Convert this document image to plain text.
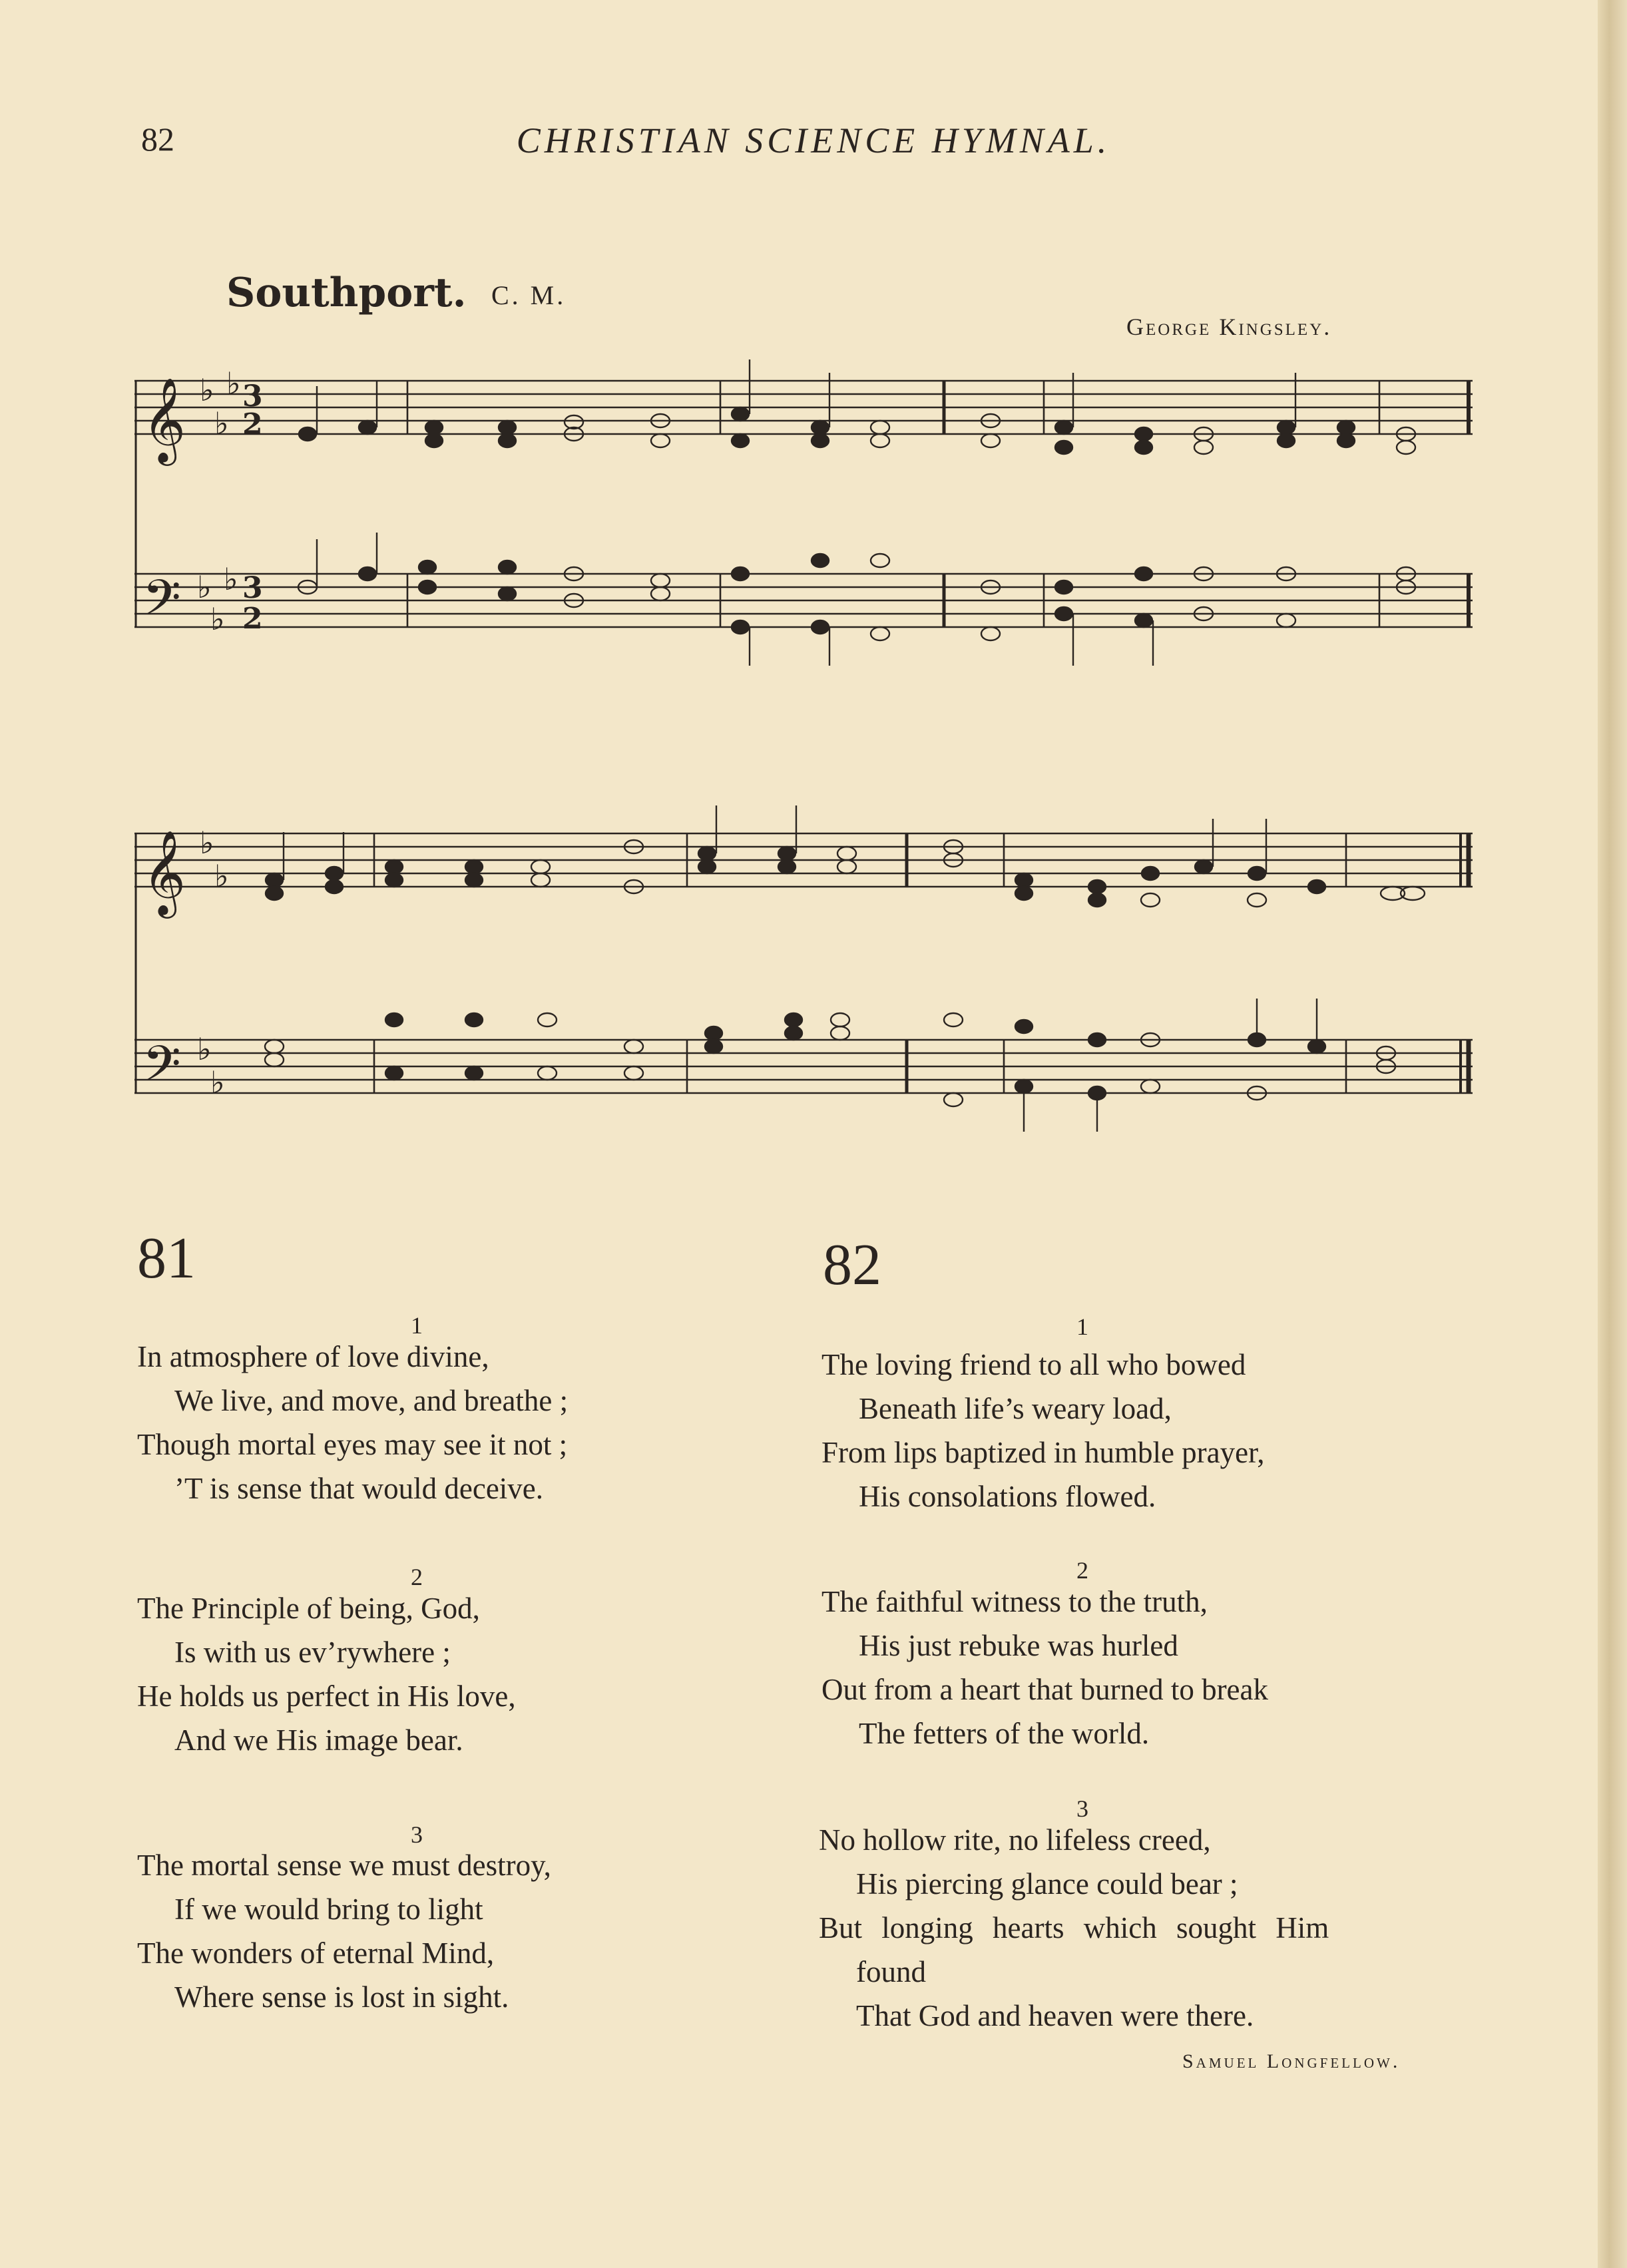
82	CHRISTIAN SCIENCE HYMNAL.
Southport. C. M.
George Kingsley.
𝄞
𝄢
𝄞
𝄢
♭
♭
♭
♭
♭
♭
♭
♭
♭
♭
3
2
3
2
81
1
In atmosphere of love divine,
We live, and move, and breathe ;
Though mortal eyes may see it not ;
’T is sense that would deceive.
2
The Principle of being, God,
Is with us ev’rywhere ;
He holds us perfect in His love,
And we His image bear.
3
The mortal sense we must destroy,
If we would bring to light
The wonders of eternal Mind,
Where sense is lost in sight.
82
1
The loving friend to all who bowed
Beneath life’s weary load,
From lips baptized in humble prayer,
His consolations flowed.
2
The faithful witness to the truth,
His just rebuke was hurled
Out from a heart that burned to break
The fetters of the world.
3
No hollow rite, no lifeless creed,
His piercing glance could bear ;
But longing hearts which sought Him
found
That God and heaven were there.
Samuel Longfellow.
